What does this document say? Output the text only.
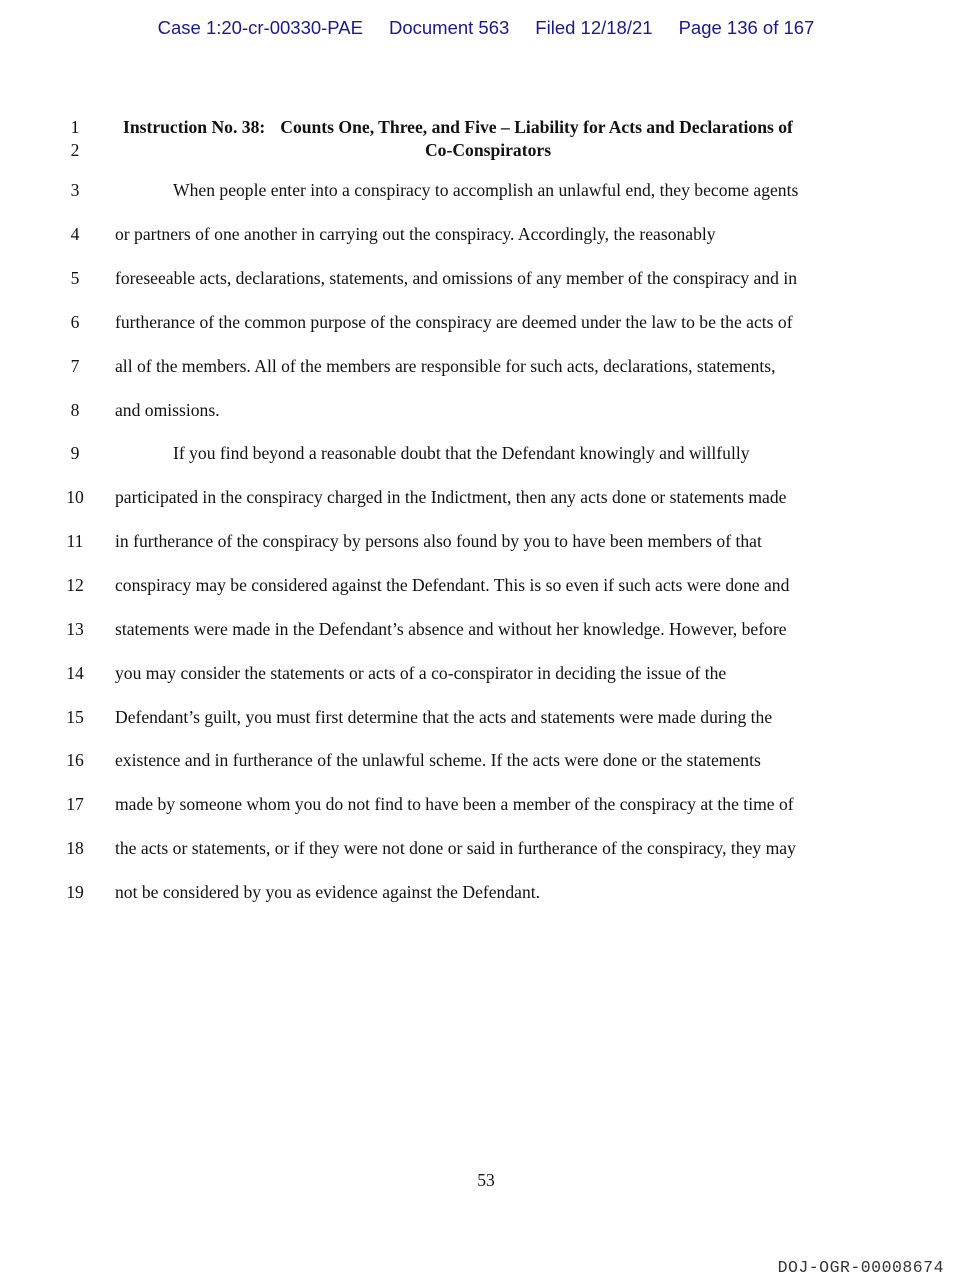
Case 1:20-cr-00330-PAE Document 563 Filed 12/18/21 Page 136 of 167
1	Instruction No. 38: Counts One, Three, and Five – Liability for Acts and Declarations of
2	Co-Conspirators
3	When people enter into a conspiracy to accomplish an unlawful end, they become agents
4	or partners of one another in carrying out the conspiracy. Accordingly, the reasonably
5	foreseeable acts, declarations, statements, and omissions of any member of the conspiracy and in
6	furtherance of the common purpose of the conspiracy are deemed under the law to be the acts of
7	all of the members. All of the members are responsible for such acts, declarations, statements,
8	and omissions.
9	If you find beyond a reasonable doubt that the Defendant knowingly and willfully
10	participated in the conspiracy charged in the Indictment, then any acts done or statements made
11	in furtherance of the conspiracy by persons also found by you to have been members of that
12	conspiracy may be considered against the Defendant. This is so even if such acts were done and
13	statements were made in the Defendant’s absence and without her knowledge. However, before
14	you may consider the statements or acts of a co-conspirator in deciding the issue of the
15	Defendant’s guilt, you must first determine that the acts and statements were made during the
16	existence and in furtherance of the unlawful scheme. If the acts were done or the statements
17	made by someone whom you do not find to have been a member of the conspiracy at the time of
18	the acts or statements, or if they were not done or said in furtherance of the conspiracy, they may
19	not be considered by you as evidence against the Defendant.
53
DOJ-OGR-00008674
